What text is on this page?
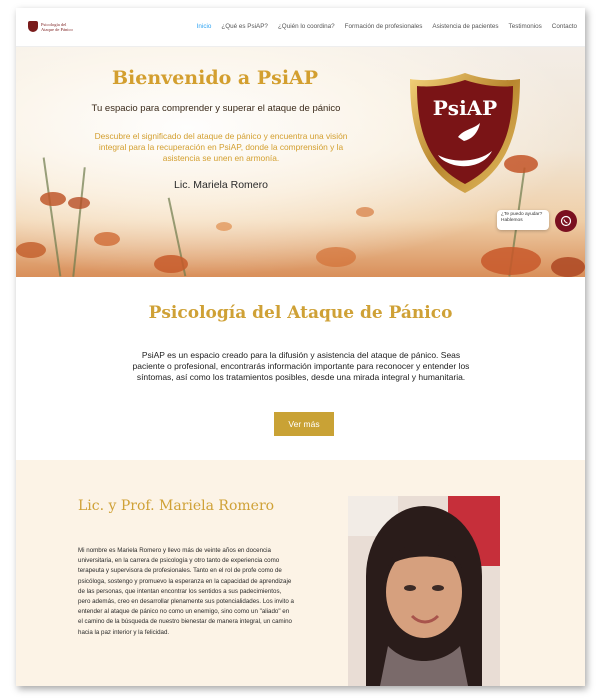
Psicología del
Ataque de Pánico	Inicio ¿Qué es PsiAP? ¿Quién lo coordina? Formación de profesionales Asistencia de pacientes Testimonios Contacto
Bienvenido a PsiAP
Tu espacio para comprender y superar el ataque de pánico
Descubre el significado del ataque de pánico y encuentra una visión integral para la recuperación en PsiAP, donde la comprensión y la asistencia se unen en armonía.
Lic. Mariela Romero
PsiAP
¿Te puedo ayudar?
Hablemos
Psicología del Ataque de Pánico
PsiAP es un espacio creado para la difusión y asistencia del ataque de pánico. Seas paciente o profesional, encontrarás información importante para reconocer y entender los síntomas, así como los tratamientos posibles, desde una mirada integral y humanitaria.
Ver más
Lic. y Prof. Mariela Romero
Mi nombre es Mariela Romero y llevo más de veinte años en docencia universitaria, en la carrera de psicología y otro tanto de experiencia como terapeuta y supervisora de profesionales. Tanto en el rol de profe como de psicóloga, sostengo y promuevo la esperanza en la capacidad de aprendizaje de las personas, que intentan encontrar los sentidos a sus padecimientos, pero además, creo en desarrollar plenamente sus potencialidades. Los invito a entender al ataque de pánico no como un enemigo, sino como un "aliado" en el camino de la búsqueda de nuestro bienestar de manera integral, un camino hacia la paz interior y la felicidad.
